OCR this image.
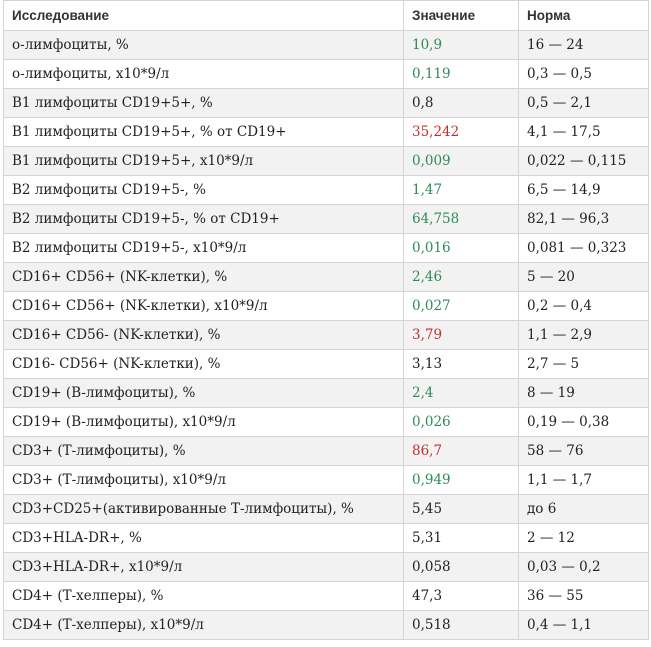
Исследование	Значение	Норма
о-лимфоциты, %	10,9	16 — 24
о-лимфоциты, х10*9/л	0,119	0,3 — 0,5
B1 лимфоциты CD19+5+, %	0,8	0,5 — 2,1
B1 лимфоциты CD19+5+, % от CD19+	35,242	4,1 — 17,5
B1 лимфоциты CD19+5+, х10*9/л	0,009	0,022 — 0,115
B2 лимфоциты CD19+5-, %	1,47	6,5 — 14,9
B2 лимфоциты CD19+5-, % от CD19+	64,758	82,1 — 96,3
B2 лимфоциты CD19+5-, х10*9/л	0,016	0,081 — 0,323
CD16+ CD56+ (NK-клетки), %	2,46	5 — 20
CD16+ CD56+ (NK-клетки), х10*9/л	0,027	0,2 — 0,4
CD16+ CD56- (NK-клетки), %	3,79	1,1 — 2,9
CD16- CD56+ (NK-клетки), %	3,13	2,7 — 5
CD19+ (B-лимфоциты), %	2,4	8 — 19
CD19+ (B-лимфоциты), х10*9/л	0,026	0,19 — 0,38
CD3+ (Т-лимфоциты), %	86,7	58 — 76
CD3+ (Т-лимфоциты), х10*9/л	0,949	1,1 — 1,7
CD3+CD25+(активированные Т-лимфоциты), %	5,45	до 6
CD3+HLA-DR+, %	5,31	2 — 12
CD3+HLA-DR+, х10*9/л	0,058	0,03 — 0,2
CD4+ (Т-хелперы), %	47,3	36 — 55
CD4+ (Т-хелперы), х10*9/л	0,518	0,4 — 1,1
